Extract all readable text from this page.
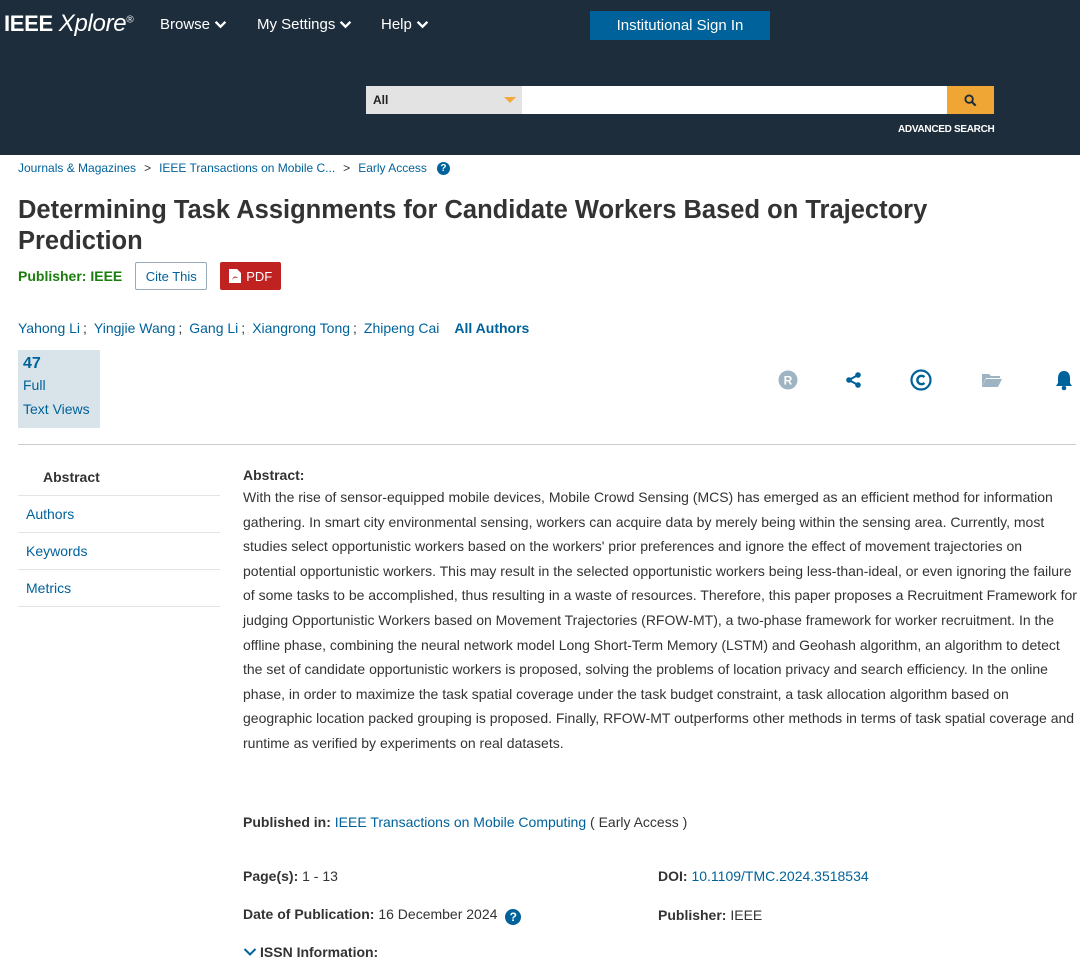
IEEE Xplore® Browse	My Settings	Help	Institutional Sign In
All
ADVANCED SEARCH
Journals & Magazines > IEEE Transactions on Mobile C... > Early Access	?
Determining Task Assignments for Candidate Workers Based on Trajectory Prediction
Publisher: IEEE	Cite This	PDF
Yahong Li ; Yingjie Wang ; Gang Li ; Xiangrong Tong ; Zhipeng Cai All Authors
47
Full
Text Views
R
Abstract
Authors
Keywords
Metrics
Abstract:

With the rise of sensor-equipped mobile devices, Mobile Crowd Sensing (MCS) has emerged as an efficient method for information gathering. In smart city environmental sensing, workers can acquire data by merely being within the sensing area. Currently, most studies select opportunistic workers based on the workers' prior preferences and ignore the effect of movement trajectories on potential opportunistic workers. This may result in the selected opportunistic workers being less-than-ideal, or even ignoring the failure of some tasks to be accomplished, thus resulting in a waste of resources. Therefore, this paper proposes a Recruitment Framework for judging Opportunistic Workers based on Movement Trajectories (RFOW-MT), a two-phase framework for worker recruitment. In the offline phase, combining the neural network model Long Short-Term Memory (LSTM) and Geohash algorithm, an algorithm to detect the set of candidate opportunistic workers is proposed, solving the problems of location privacy and search efficiency. In the online phase, in order to maximize the task spatial coverage under the task budget constraint, a task allocation algorithm based on geographic location packed grouping is proposed. Finally, RFOW-MT outperforms other methods in terms of task spatial coverage and runtime as verified by experiments on real datasets.

Published in: IEEE Transactions on Mobile Computing ( Early Access )
Page(s): 1 - 13	DOI: 10.1109/TMC.2024.3518534
Date of Publication: 16 December 2024 ?	Publisher: IEEE
ISSN Information:
